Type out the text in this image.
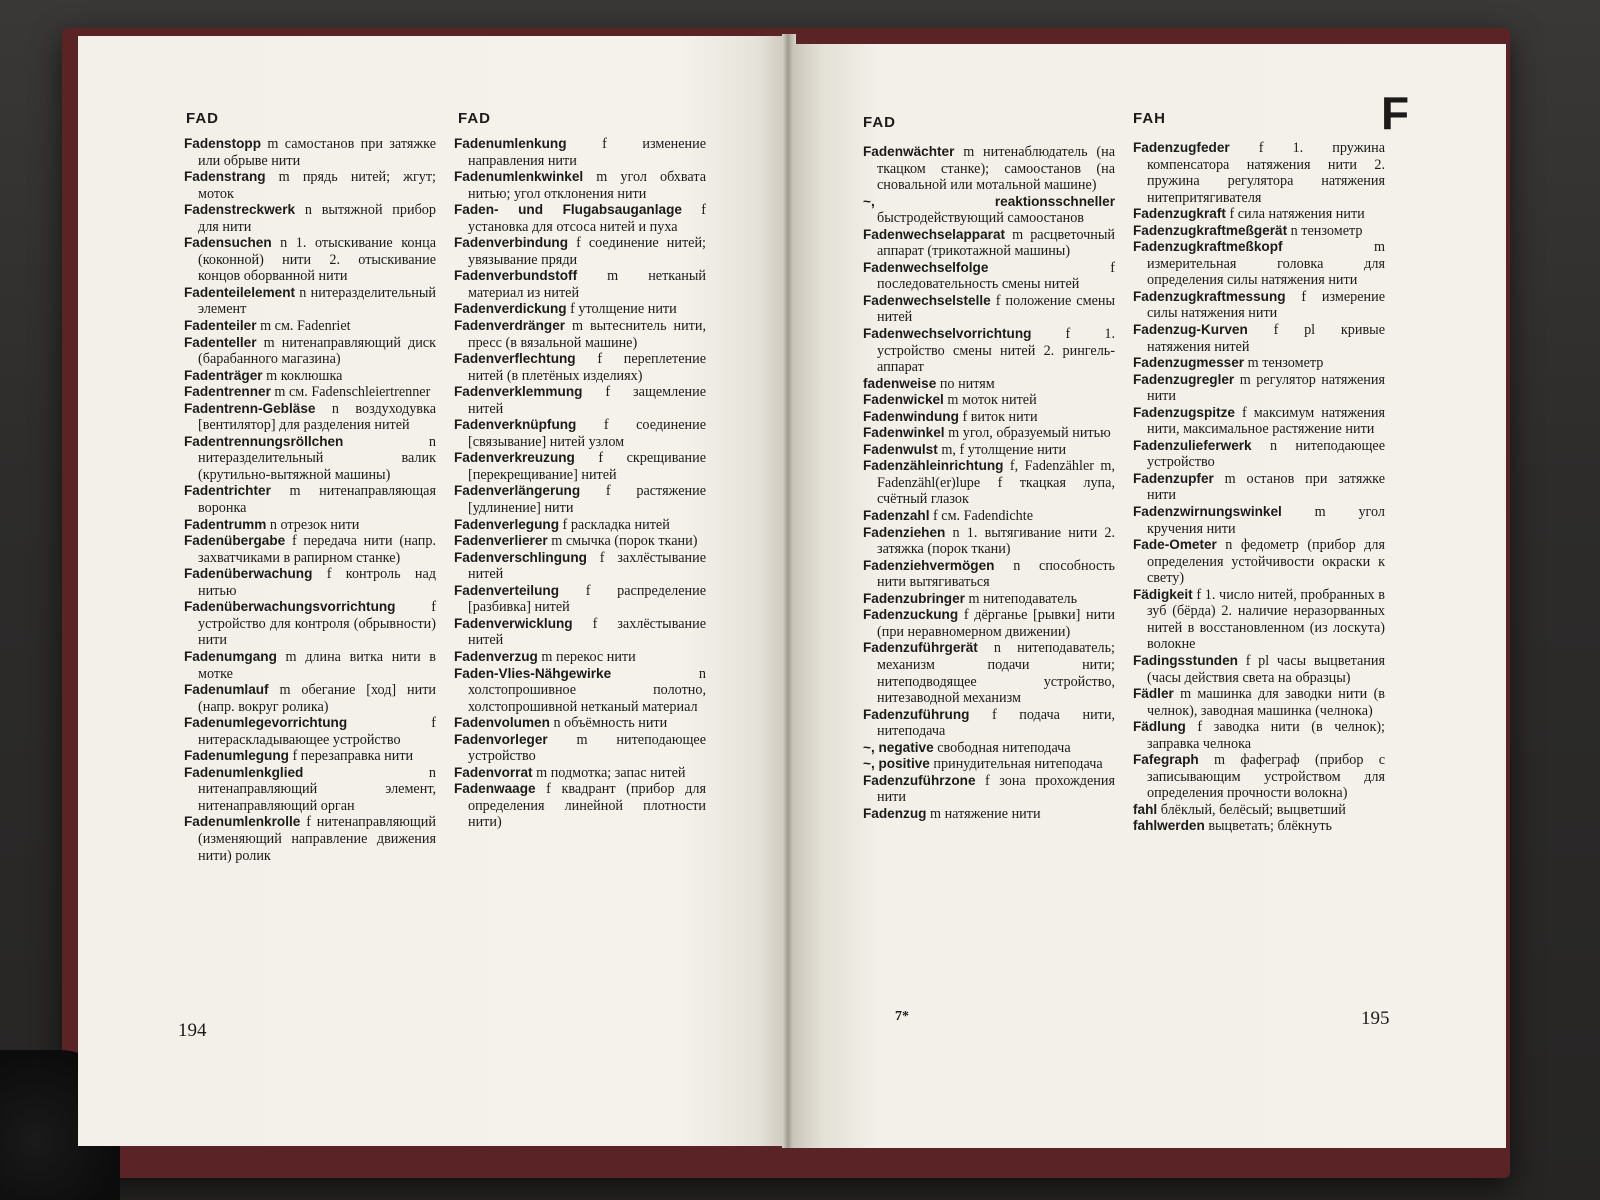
FAD	FAD

Fadenstopp m самостанов при затяжке или обрыве нити

Fadenstrang m прядь нитей; жгут; моток

Fadenstreckwerk n вытяжной прибор для нити

Fadensuchen n 1. отыскивание конца (коконной) нити 2. отыскивание концов оборванной нити

Fadenteilelement n нитеразделительный элемент

Fadenteiler m см. Fadenriet

Fadenteller m нитенаправляющий диск (барабанного магазина)

Fadenträger m коклюшка

Fadentrenner m см. Fadenschleiertrenner

Fadentrenn-Gebläse n воздуходувка [вентилятор] для разделения нитей

Fadentrennungsröllchen n нитеразделительный валик (крутильно-вытяжной машины)

Fadentrichter m нитенаправляющая воронка

Fadentrumm n отрезок нити

Fadenübergabe f передача нити (напр. захватчиками в рапирном станке)

Fadenüberwachung f контроль над нитью

Fadenüberwachungsvorrichtung f устройство для контроля (обрывности) нити

Fadenumgang m длина витка нити в мотке

Fadenumlauf m обегание [ход] нити (напр. вокруг ролика)

Fadenumlegevorrichtung f нитераскладывающее устройство

Fadenumlegung f перезаправка нити

Fadenumlenkglied n нитенаправляющий элемент, нитенаправляющий орган

Fadenumlenkrolle f нитенаправляющий (изменяющий направление движения нити) ролик

Fadenumlenkung f изменение направления нити

Fadenumlenkwinkel m угол обхвата нитью; угол отклонения нити

Faden- und Flugabsauganlage f установка для отсоса нитей и пуха

Fadenverbindung f соединение нитей; увязывание пряди

Fadenverbundstoff m нетканый материал из нитей

Fadenverdickung f утолщение нити

Fadenverdränger m вытеснитель нити, пресс (в вязальной машине)

Fadenverflechtung f переплетение нитей (в плетёных изделиях)

Fadenverklemmung f защемление нитей

Fadenverknüpfung f соединение [связывание] нитей узлом

Fadenverkreuzung f скрещивание [перекрещивание] нитей

Fadenverlängerung f растяжение [удлинение] нити

Fadenverlegung f раскладка нитей

Fadenverlierer m смычка (порок ткани)

Fadenverschlingung f захлёстывание нитей

Fadenverteilung f распределение [разбивка] нитей

Fadenverwicklung f захлёстывание нитей

Fadenverzug m перекос нити

Faden-Vlies-Nähgewirke n холстопрошивное полотно, холстопрошивной нетканый материал

Fadenvolumen n объёмность нити

Fadenvorleger m нитеподающее устройство

Fadenvorrat m подмотка; запас нитей

Fadenwaage f квадрант (прибор для определения линейной плотности нити)

194
FAD	FAH	F

Fadenwächter m нитенаблюдатель (на ткацком станке); самоостанов (на сновальной или мотальной машине)

~, reaktionsschneller быстродействующий самоостанов

Fadenwechselapparat m расцветочный аппарат (трикотажной машины)

Fadenwechselfolge f последовательность смены нитей

Fadenwechselstelle f положение смены нитей

Fadenwechselvorrichtung f 1. устройство смены нитей 2. рингель-аппарат

fadenweise по нитям

Fadenwickel m моток нитей

Fadenwindung f виток нити

Fadenwinkel m угол, образуемый нитью

Fadenwulst m, f утолщение нити

Fadenzähleinrichtung f, Fadenzähler m, Fadenzähl(er)lupe f ткацкая лупа, счётный глазок

Fadenzahl f см. Fadendichte

Fadenziehen n 1. вытягивание нити 2. затяжка (порок ткани)

Fadenziehvermögen n способность нити вытягиваться

Fadenzubringer m нитеподаватель

Fadenzuckung f дёрганье [рывки] нити (при неравномерном движении)

Fadenzuführgerät n нитеподаватель; механизм подачи нити; нитеподводящее устройство, нитезаводной механизм

Fadenzuführung f подача нити, нитеподача

~, negative свободная нитеподача

~, positive принудительная нитеподача

Fadenzuführzone f зона прохождения нити

Fadenzug m натяжение нити

Fadenzugfeder f 1. пружина компенсатора натяжения нити 2. пружина регулятора натяжения нитепритягивателя

Fadenzugkraft f сила натяжения нити

Fadenzugkraftmeßgerät n тензометр

Fadenzugkraftmeßkopf m измерительная головка для определения силы натяжения нити

Fadenzugkraftmessung f измерение силы натяжения нити

Fadenzug-Kurven f pl кривые натяжения нитей

Fadenzugmesser m тензометр

Fadenzugregler m регулятор натяжения нити

Fadenzugspitze f максимум натяжения нити, максимальное растяжение нити

Fadenzulieferwerk n нитеподающее устройство

Fadenzupfer m останов при затяжке нити

Fadenzwirnungswinkel m угол кручения нити

Fade-Ometer n федометр (прибор для определения устойчивости окраски к свету)

Fädigkeit f 1. число нитей, пробранных в зуб (бёрда) 2. наличие неразорванных нитей в восстановленном (из лоскута) волокне

Fadingsstunden f pl часы выцветания (часы действия света на образцы)

Fädler m машинка для заводки нити (в челнок), заводная машинка (челнока)

Fädlung f заводка нити (в челнок); заправка челнока

Fafegraph m фафеграф (прибор с записывающим устройством для определения прочности волокна)

fahl блёклый, белёсый; выцветший

fahlwerden выцветать; блёкнуть

7*	195
